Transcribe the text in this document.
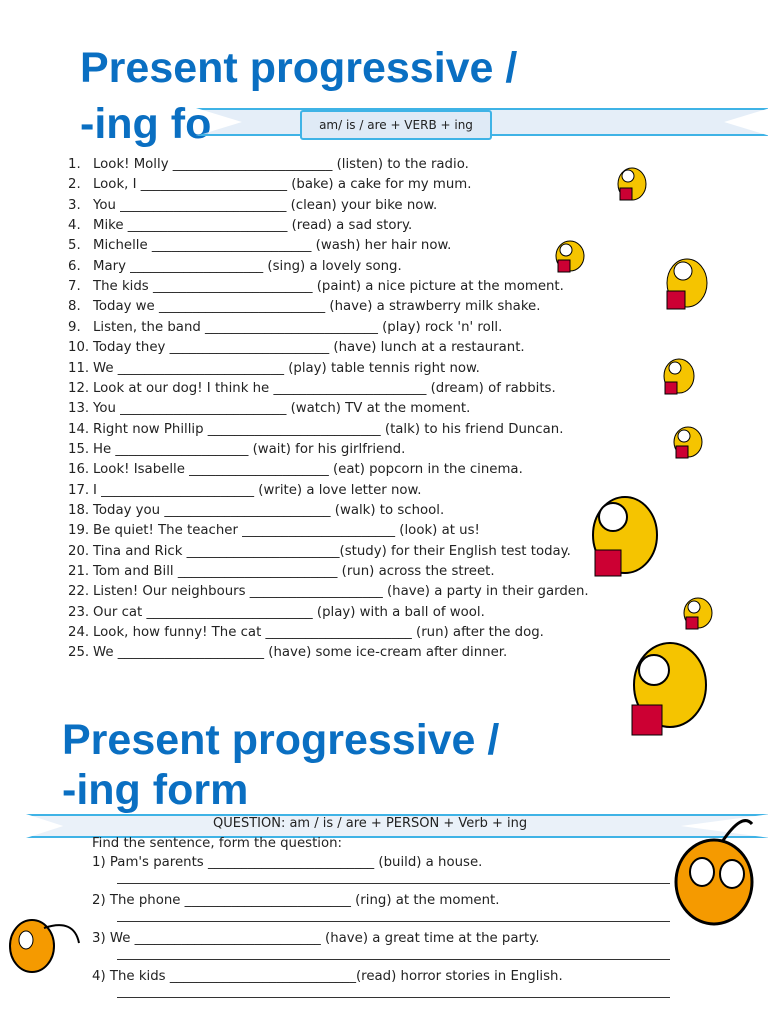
Present progressive /
-ing fo	am/ is / are + VERB + ing
1. Look! Molly ________________________ (listen) to the radio.
2. Look, I ______________________ (bake) a cake for my mum.
3. You _________________________ (clean) your bike now.
4. Mike ________________________ (read) a sad story.
5. Michelle ________________________ (wash) her hair now.
6. Mary ____________________ (sing) a lovely song.
7. The kids ________________________ (paint) a nice picture at the moment.
8. Today we _________________________ (have) a strawberry milk shake.
9. Listen, the band __________________________ (play) rock 'n' roll.
10. Today they ________________________ (have) lunch at a restaurant.
11. We _________________________ (play) table tennis right now.
12. Look at our dog! I think he _______________________ (dream) of rabbits.
13. You _________________________ (watch) TV at the moment.
14. Right now Phillip __________________________ (talk) to his friend Duncan.
15. He ____________________ (wait) for his girlfriend.
16. Look! Isabelle _____________________ (eat) popcorn in the cinema.
17. I _______________________ (write) a love letter now.
18. Today you _________________________ (walk) to school.
19. Be quiet! The teacher _______________________ (look) at us!
20. Tina and Rick _______________________(study) for their English test today.
21. Tom and Bill ________________________ (run) across the street.
22. Listen! Our neighbours ____________________ (have) a party in their garden.
23. Our cat _________________________ (play) with a ball of wool.
24. Look, how funny! The cat ______________________ (run) after the dog.
25. We ______________________ (have) some ice-cream after dinner.
Present progressive /
-ing form
QUESTION: am / is / are + PERSON + Verb + ing
Find the sentence, form the question:
1) Pam's parents _________________________ (build) a house.
2) The phone _________________________ (ring) at the moment.
3) We ____________________________ (have) a great time at the party.
4) The kids ____________________________(read) horror stories in English.
